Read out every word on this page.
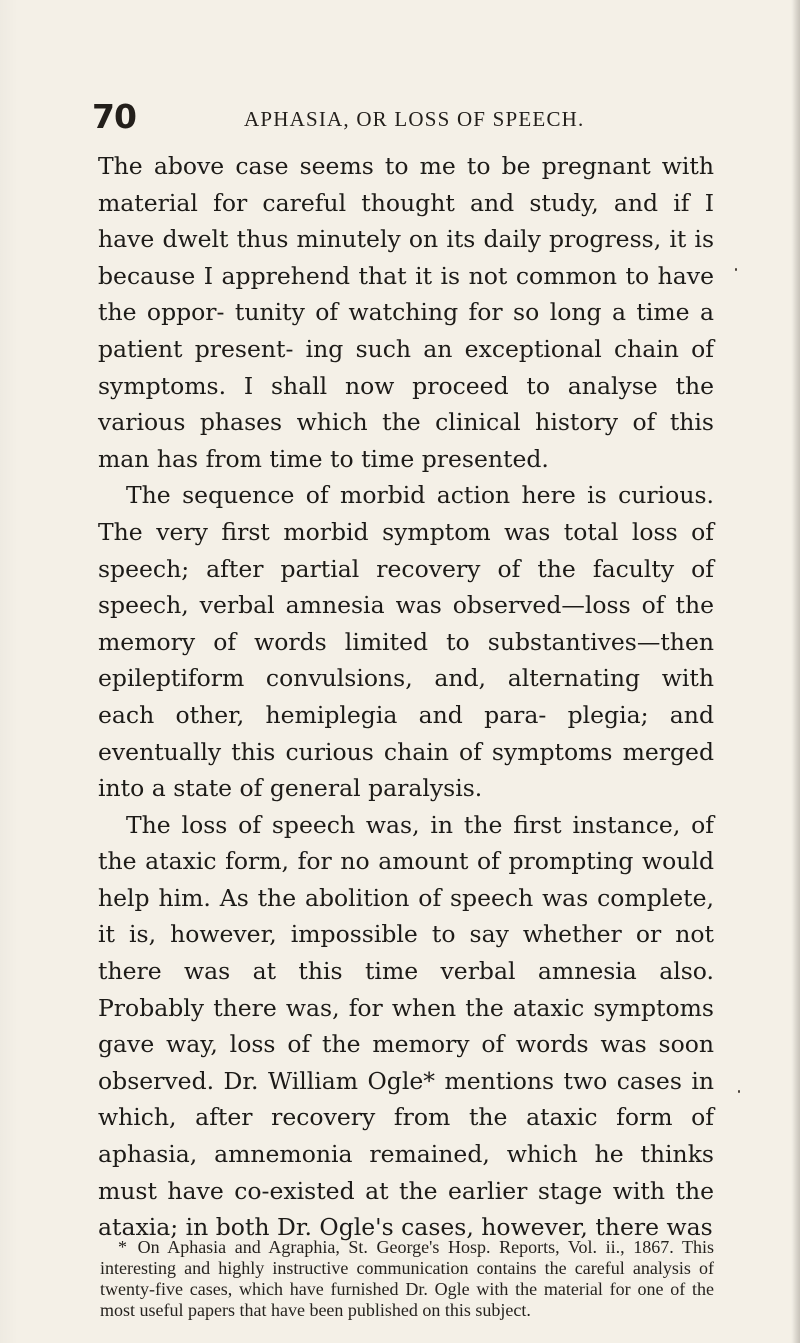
70	APHASIA, OR LOSS OF SPEECH.

The above case seems to me to be pregnant with material for careful thought and study, and if I have dwelt thus minutely on its daily progress, it is because I apprehend that it is not common to have the oppor- tunity of watching for so long a time a patient present- ing such an exceptional chain of symptoms. I shall now proceed to analyse the various phases which the clinical history of this man has from time to time presented.

The sequence of morbid action here is curious. The very first morbid symptom was total loss of speech; after partial recovery of the faculty of speech, verbal amnesia was observed—loss of the memory of words limited to substantives—then epileptiform convulsions, and, alternating with each other, hemiplegia and para- plegia; and eventually this curious chain of symptoms merged into a state of general paralysis.

The loss of speech was, in the first instance, of the ataxic form, for no amount of prompting would help him. As the abolition of speech was complete, it is, however, impossible to say whether or not there was at this time verbal amnesia also. Probably there was, for when the ataxic symptoms gave way, loss of the memory of words was soon observed. Dr. William Ogle* mentions two cases in which, after recovery from the ataxic form of aphasia, amnemonia remained, which he thinks must have co-existed at the earlier stage with the ataxia; in both Dr. Ogle's cases, however, there was

* On Aphasia and Agraphia, St. George's Hosp. Reports, Vol. ii., 1867. This interesting and highly instructive communication contains the careful analysis of twenty-five cases, which have furnished Dr. Ogle with the material for one of the most useful papers that have been published on this subject.
